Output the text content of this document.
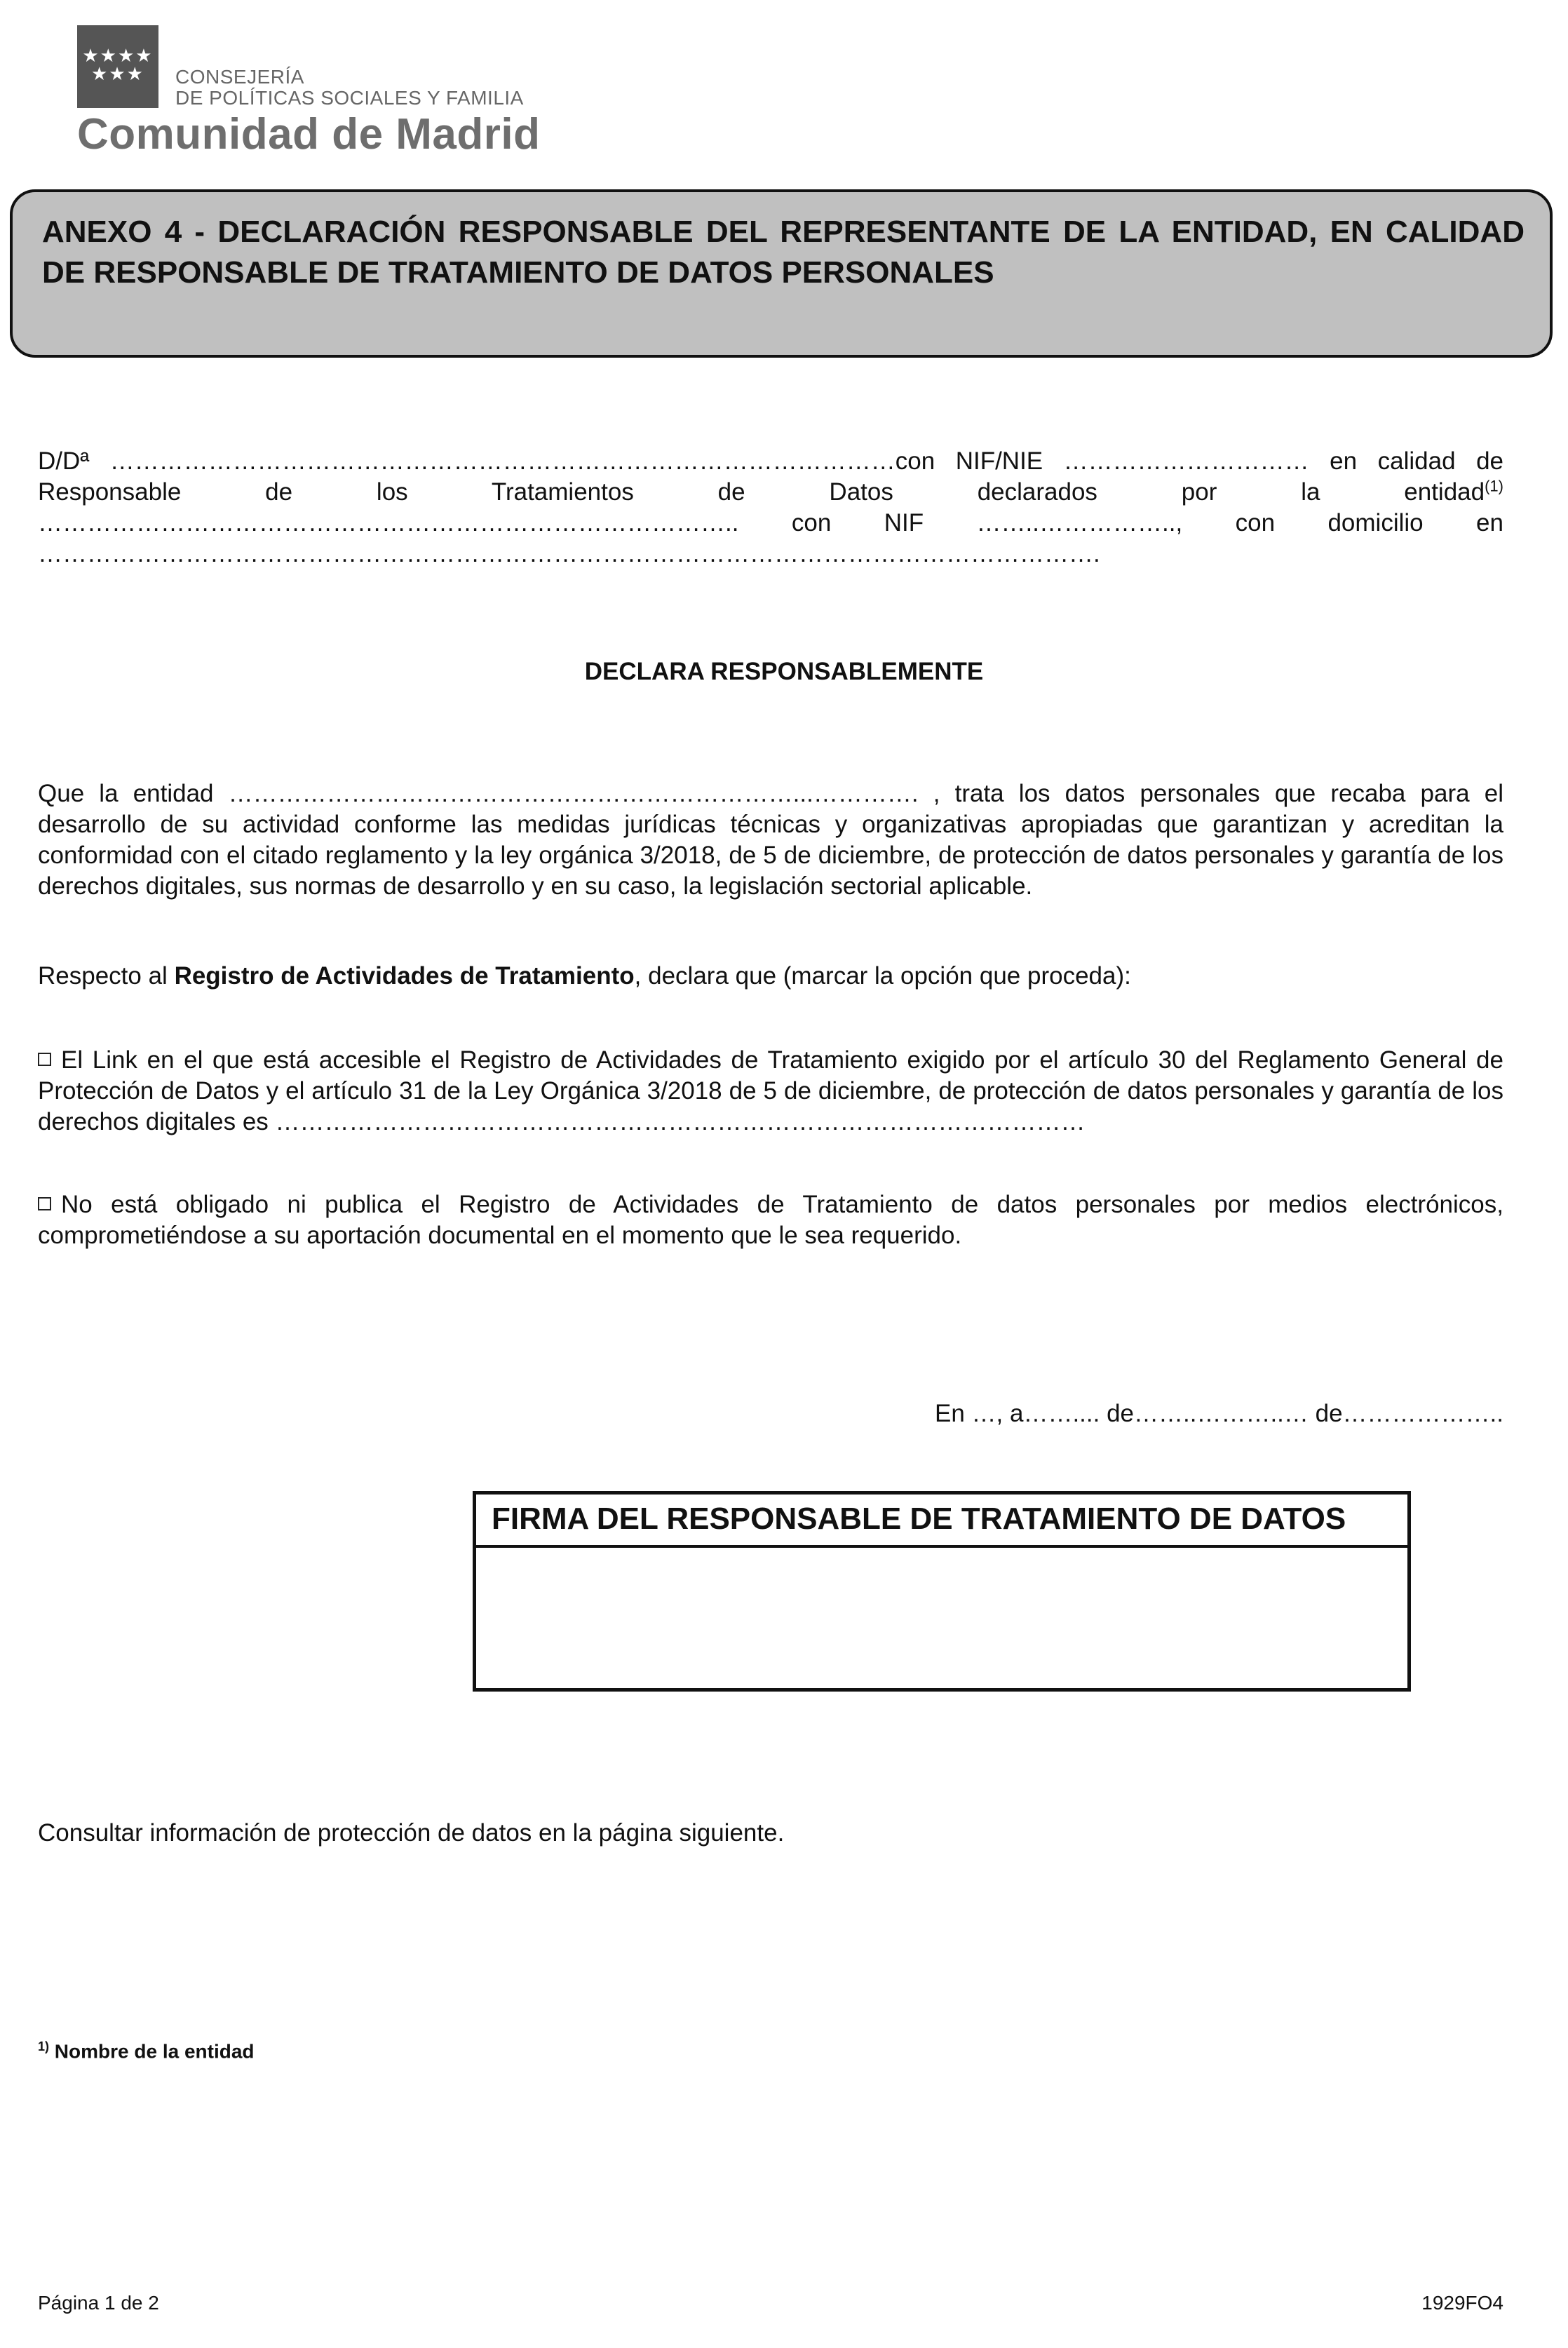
★★★★ ★★★	CONSEJERÍA
DE POLÍTICAS SOCIALES Y FAMILIA
Comunidad de Madrid
ANEXO 4 - DECLARACIÓN RESPONSABLE DEL REPRESENTANTE DE LA ENTIDAD, EN CALIDAD DE RESPONSABLE DE TRATAMIENTO DE DATOS PERSONALES
D/Dª ……………………………………………………………………………………con NIF/NIE ………………………… en calidad de Responsable de los Tratamientos de Datos declarados por la entidad$^{(1)}$ ………………………………………………………………………….. con NIF ……..…………….., con domicilio en ………………………………………………………………………………………………………………….
DECLARA RESPONSABLEMENTE
Que la entidad ……………………………………………………………...…………. , trata los datos personales que recaba para el desarrollo de su actividad conforme las medidas jurídicas técnicas y organizativas apropiadas que garantizan y acreditan la conformidad con el citado reglamento y la ley orgánica 3/2018, de 5 de diciembre, de protección de datos personales y garantía de los derechos digitales, sus normas de desarrollo y en su caso, la legislación sectorial aplicable.
Respecto al Registro de Actividades de Tratamiento, declara que (marcar la opción que proceda):
El Link en el que está accesible el Registro de Actividades de Tratamiento exigido por el artículo 30 del Reglamento General de Protección de Datos y el artículo 31 de la Ley Orgánica 3/2018 de 5 de diciembre, de protección de datos personales y garantía de los derechos digitales es ………………………………………………………………………………………
No está obligado ni publica el Registro de Actividades de Tratamiento de datos personales por medios electrónicos, comprometiéndose a su aportación documental en el momento que le sea requerido.
En …, a…….... de……..………..… de………………..
FIRMA DEL RESPONSABLE DE TRATAMIENTO DE DATOS
Consultar información de protección de datos en la página siguiente.
$^{1)}$ Nombre de la entidad
Página 1 de 2	1929FO4
